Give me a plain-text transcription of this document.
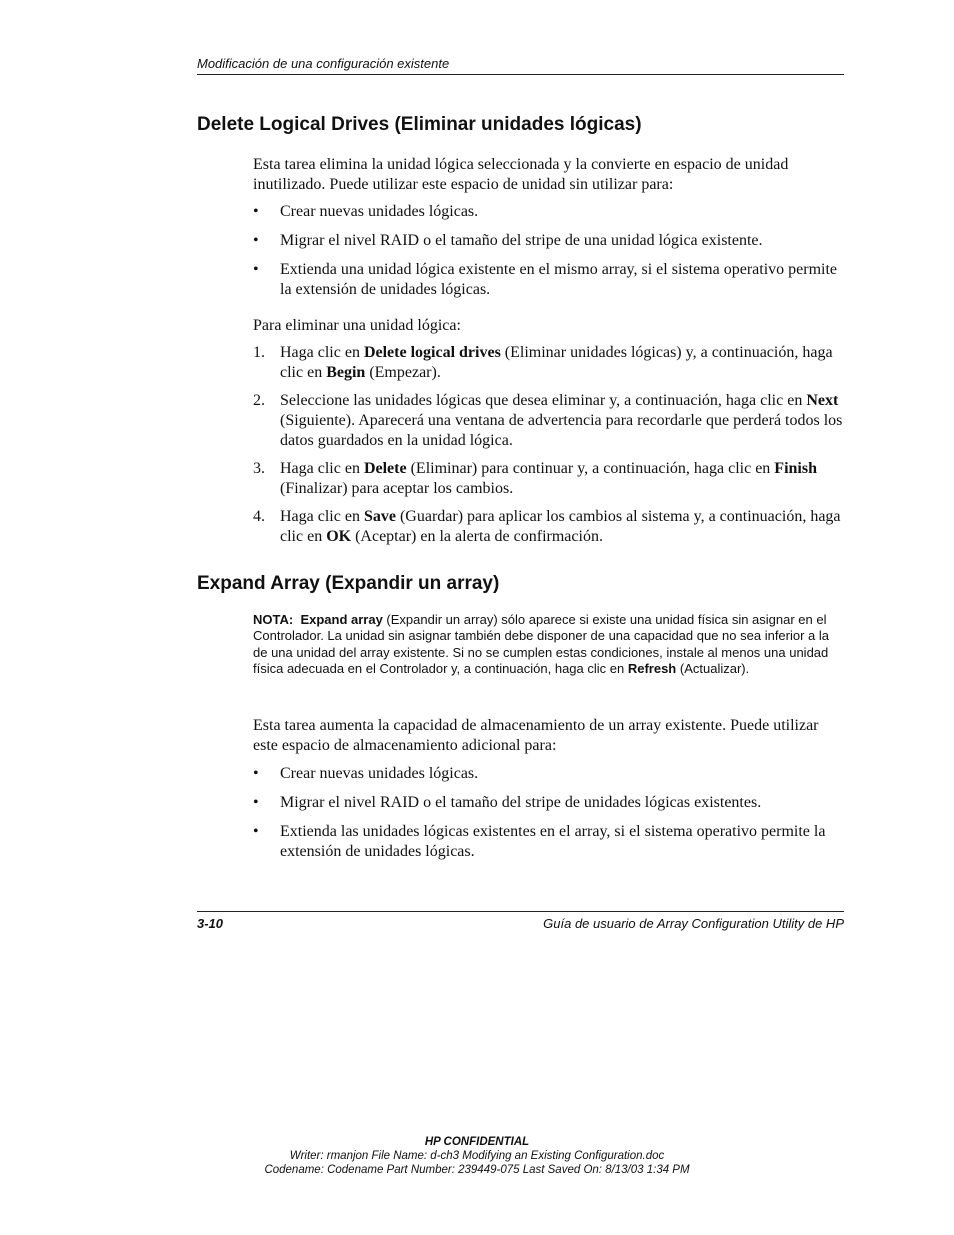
Modificación de una configuración existente
Delete Logical Drives (Eliminar unidades lógicas)

Esta tarea elimina la unidad lógica seleccionada y la convierte en espacio de unidad inutilizado. Puede utilizar este espacio de unidad sin utilizar para:

• Crear nuevas unidades lógicas.
• Migrar el nivel RAID o el tamaño del stripe de una unidad lógica existente.
• Extienda una unidad lógica existente en el mismo array, si el sistema operativo permite la extensión de unidades lógicas.

Para eliminar una unidad lógica:

1. Haga clic en Delete logical drives (Eliminar unidades lógicas) y, a continuación, haga clic en Begin (Empezar).
2. Seleccione las unidades lógicas que desea eliminar y, a continuación, haga clic en Next (Siguiente). Aparecerá una ventana de advertencia para recordarle que perderá todos los datos guardados en la unidad lógica.
3. Haga clic en Delete (Eliminar) para continuar y, a continuación, haga clic en Finish (Finalizar) para aceptar los cambios.
4. Haga clic en Save (Guardar) para aplicar los cambios al sistema y, a continuación, haga clic en OK (Aceptar) en la alerta de confirmación.
Expand Array (Expandir un array)

NOTA: Expand array (Expandir un array) sólo aparece si existe una unidad física sin asignar en el Controlador. La unidad sin asignar también debe disponer de una capacidad que no sea inferior a la de una unidad del array existente. Si no se cumplen estas condiciones, instale al menos una unidad física adecuada en el Controlador y, a continuación, haga clic en Refresh (Actualizar).

Esta tarea aumenta la capacidad de almacenamiento de un array existente. Puede utilizar este espacio de almacenamiento adicional para:

• Crear nuevas unidades lógicas.
• Migrar el nivel RAID o el tamaño del stripe de unidades lógicas existentes.
• Extienda las unidades lógicas existentes en el array, si el sistema operativo permite la extensión de unidades lógicas.
3-10	Guía de usuario de Array Configuration Utility de HP
HP CONFIDENTIAL
Writer: rmanjon File Name: d-ch3 Modifying an Existing Configuration.doc
Codename: Codename Part Number: 239449-075 Last Saved On: 8/13/03 1:34 PM
